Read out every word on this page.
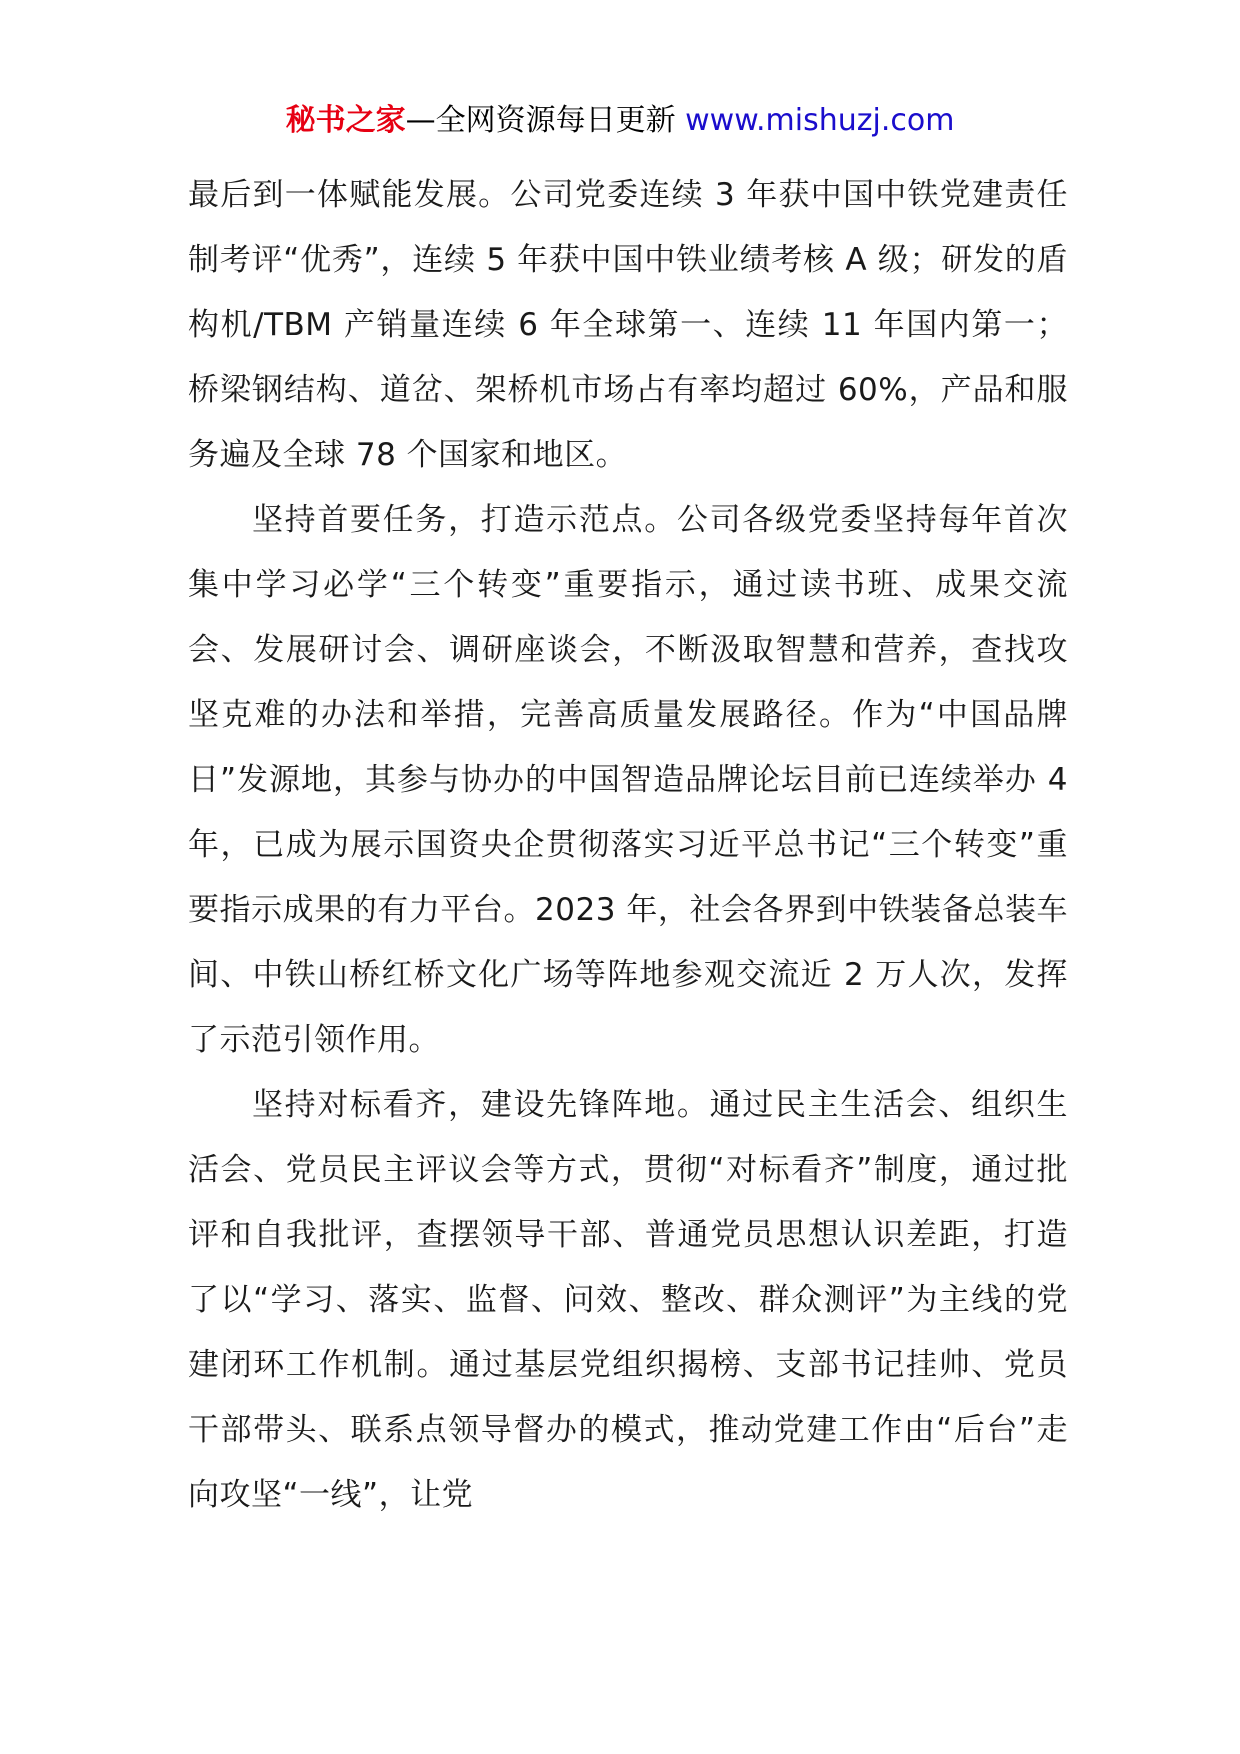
秘书之家—全网资源每日更新 www.mishuzj.com

最后到一体赋能发展。公司党委连续 3 年获中国中铁党建责任制考评“优秀”，连续 5 年获中国中铁业绩考核 A 级；研发的盾构机/TBM 产销量连续 6 年全球第一、连续 11 年国内第一；桥梁钢结构、道岔、架桥机市场占有率均超过 60%，产品和服务遍及全球 78 个国家和地区。

坚持首要任务，打造示范点。公司各级党委坚持每年首次集中学习必学“三个转变”重要指示，通过读书班、成果交流会、发展研讨会、调研座谈会，不断汲取智慧和营养，查找攻坚克难的办法和举措，完善高质量发展路径。作为“中国品牌日”发源地，其参与协办的中国智造品牌论坛目前已连续举办 4 年，已成为展示国资央企贯彻落实习近平总书记“三个转变”重要指示成果的有力平台。2023 年，社会各界到中铁装备总装车间、中铁山桥红桥文化广场等阵地参观交流近 2 万人次，发挥了示范引领作用。

坚持对标看齐，建设先锋阵地。通过民主生活会、组织生活会、党员民主评议会等方式，贯彻“对标看齐”制度，通过批评和自我批评，查摆领导干部、普通党员思想认识差距，打造了以“学习、落实、监督、问效、整改、群众测评”为主线的党建闭环工作机制。通过基层党组织揭榜、支部书记挂帅、党员干部带头、联系点领导督办的模式，推动党建工作由“后台”走向攻坚“一线”，让党
